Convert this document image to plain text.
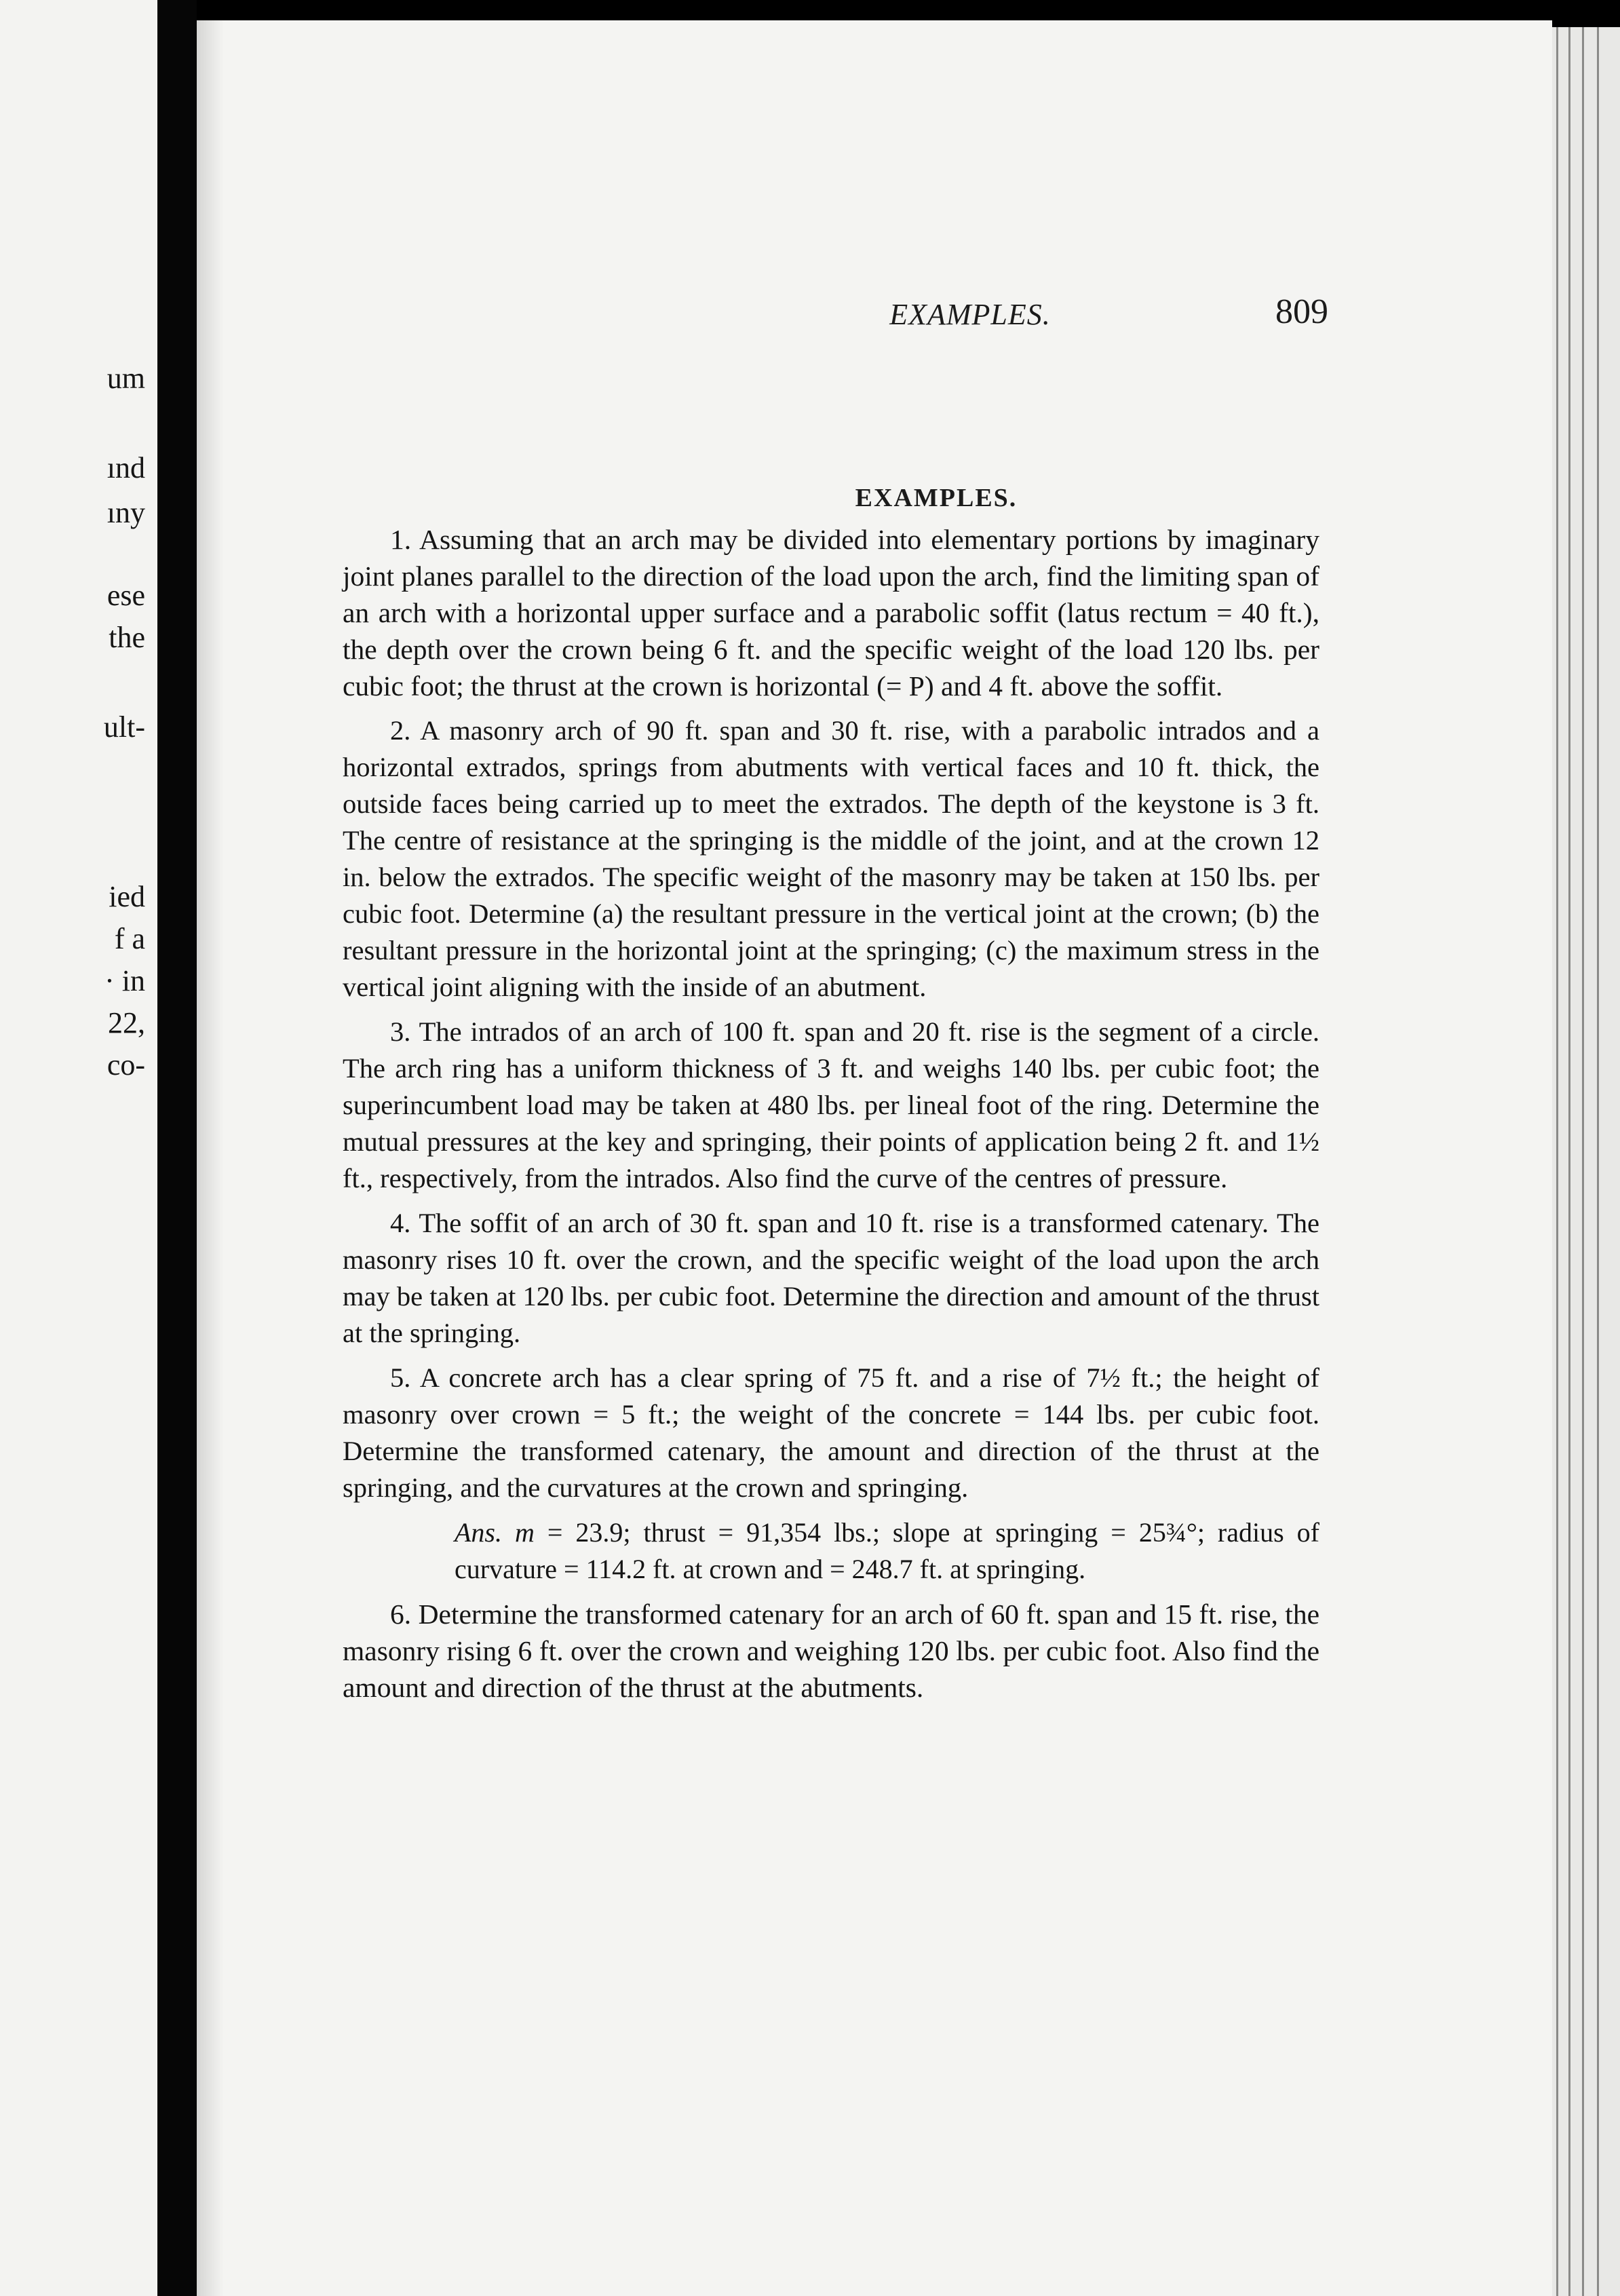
um
ınd
ıny
ese
the
ult-
ied
f a
· in
22,
co-
EXAMPLES.	809
EXAMPLES.

1. Assuming that an arch may be divided into elementary portions by imaginary joint planes parallel to the direction of the load upon the arch, find the limiting span of an arch with a horizontal upper surface and a parabolic soffit (latus rectum = 40 ft.), the depth over the crown being 6 ft. and the specific weight of the load 120 lbs. per cubic foot; the thrust at the crown is horizontal (= P) and 4 ft. above the soffit.

2. A masonry arch of 90 ft. span and 30 ft. rise, with a parabolic intrados and a horizontal extrados, springs from abutments with vertical faces and 10 ft. thick, the outside faces being carried up to meet the extrados. The depth of the keystone is 3 ft. The centre of resistance at the springing is the middle of the joint, and at the crown 12 in. below the extrados. The specific weight of the masonry may be taken at 150 lbs. per cubic foot. Determine (a) the resultant pressure in the vertical joint at the crown; (b) the resultant pressure in the horizontal joint at the springing; (c) the maximum stress in the vertical joint aligning with the inside of an abutment.

3. The intrados of an arch of 100 ft. span and 20 ft. rise is the segment of a circle. The arch ring has a uniform thickness of 3 ft. and weighs 140 lbs. per cubic foot; the superincumbent load may be taken at 480 lbs. per lineal foot of the ring. Determine the mutual pressures at the key and springing, their points of application being 2 ft. and 1½ ft., respectively, from the intrados. Also find the curve of the centres of pressure.

4. The soffit of an arch of 30 ft. span and 10 ft. rise is a transformed catenary. The masonry rises 10 ft. over the crown, and the specific weight of the load upon the arch may be taken at 120 lbs. per cubic foot. Determine the direction and amount of the thrust at the springing.

5. A concrete arch has a clear spring of 75 ft. and a rise of 7½ ft.; the height of masonry over crown = 5 ft.; the weight of the concrete = 144 lbs. per cubic foot. Determine the transformed catenary, the amount and direction of the thrust at the springing, and the curvatures at the crown and springing.

Ans. m = 23.9; thrust = 91,354 lbs.; slope at springing = 25¾°; radius of curvature = 114.2 ft. at crown and = 248.7 ft. at springing.

6. Determine the transformed catenary for an arch of 60 ft. span and 15 ft. rise, the masonry rising 6 ft. over the crown and weighing 120 lbs. per cubic foot. Also find the amount and direction of the thrust at the abutments.
